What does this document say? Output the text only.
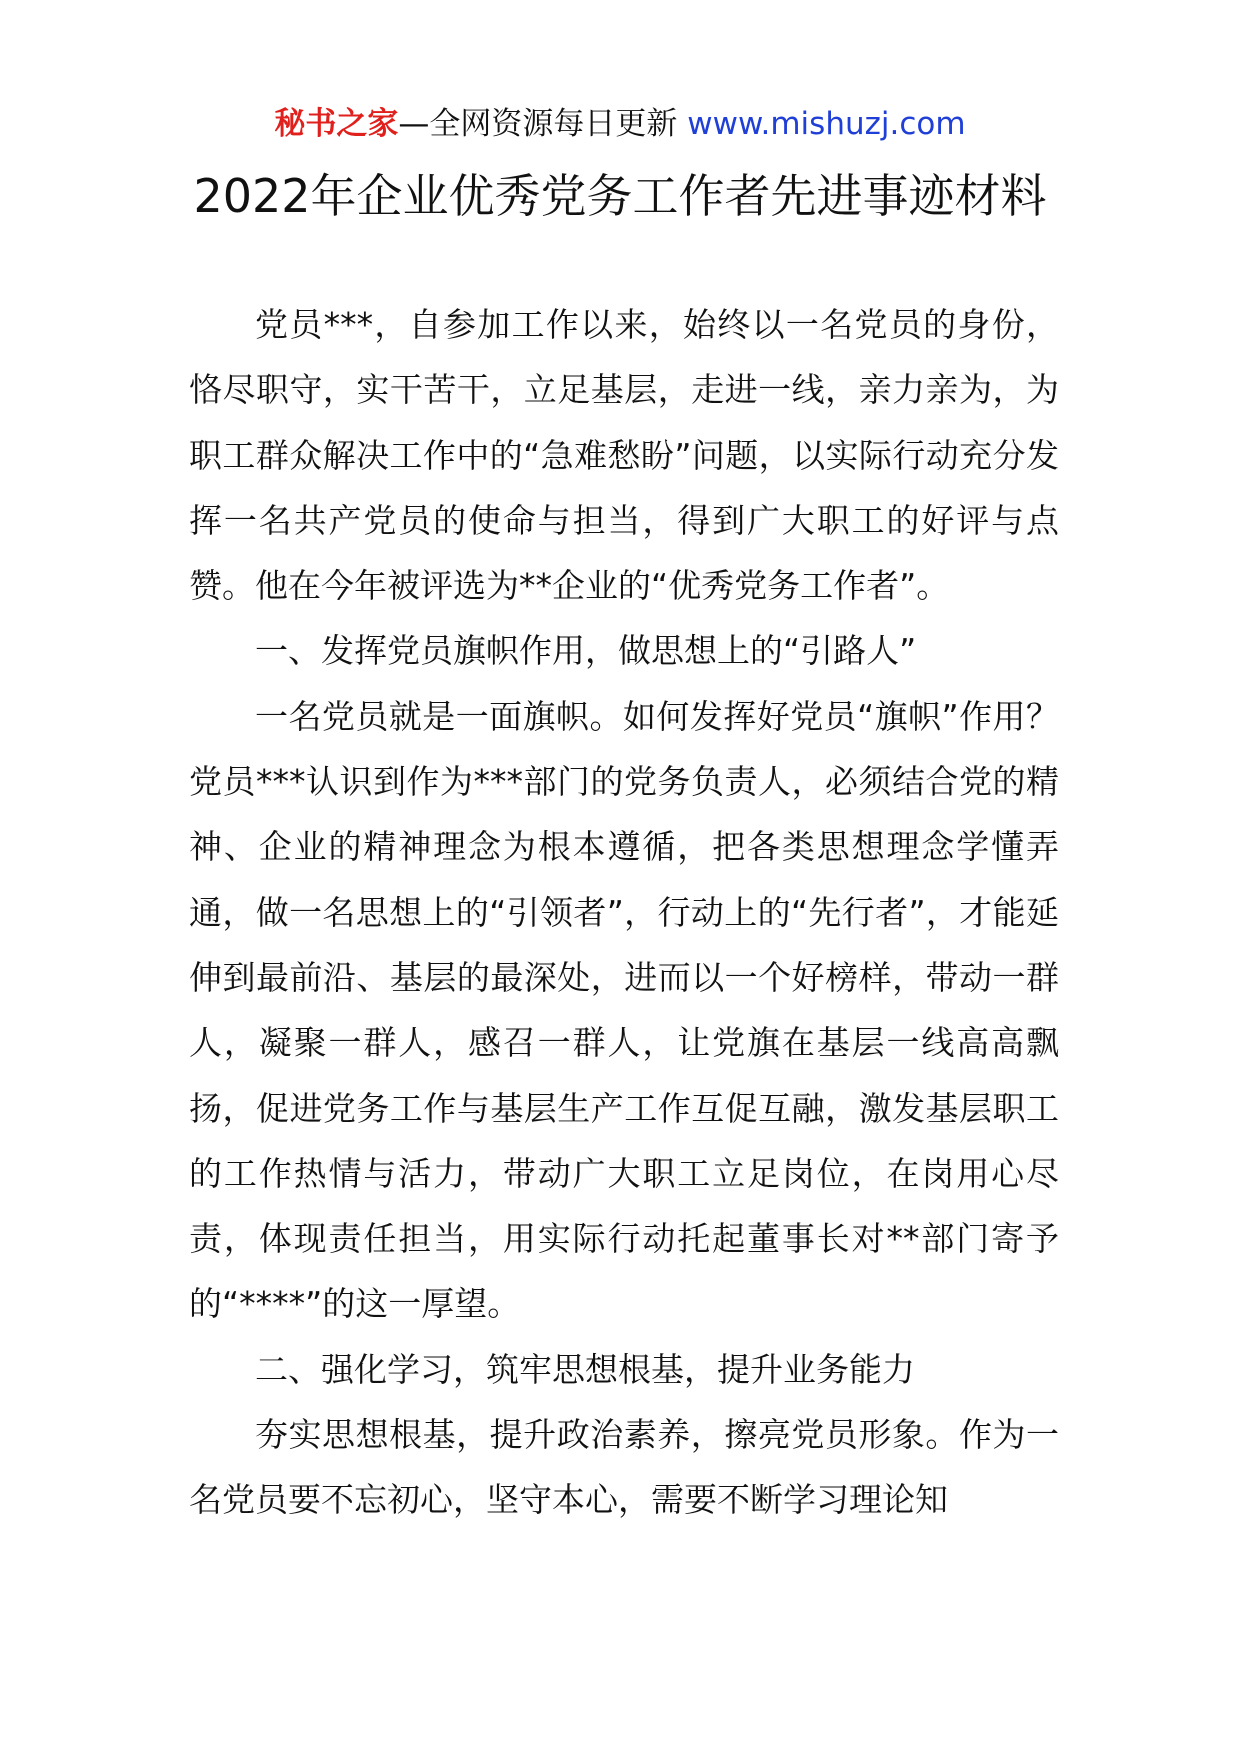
秘书之家—全网资源每日更新 www.mishuzj.com
2022年企业优秀党务工作者先进事迹材料

党员***，自参加工作以来，始终以一名党员的身份，恪尽职守，实干苦干，立足基层，走进一线，亲力亲为，为职工群众解决工作中的“急难愁盼”问题，以实际行动充分发挥一名共产党员的使命与担当，得到广大职工的好评与点赞。他在今年被评选为**企业的“优秀党务工作者”。

一、发挥党员旗帜作用，做思想上的“引路人”

一名党员就是一面旗帜。如何发挥好党员“旗帜”作用？党员***认识到作为***部门的党务负责人，必须结合党的精神、企业的精神理念为根本遵循，把各类思想理念学懂弄通，做一名思想上的“引领者”，行动上的“先行者”，才能延伸到最前沿、基层的最深处，进而以一个好榜样，带动一群人，凝聚一群人，感召一群人，让党旗在基层一线高高飘扬，促进党务工作与基层生产工作互促互融，激发基层职工的工作热情与活力，带动广大职工立足岗位，在岗用心尽责，体现责任担当，用实际行动托起董事长对**部门寄予的“****”的这一厚望。

二、强化学习，筑牢思想根基，提升业务能力

夯实思想根基，提升政治素养，擦亮党员形象。作为一名党员要不忘初心，坚守本心，需要不断学习理论知
